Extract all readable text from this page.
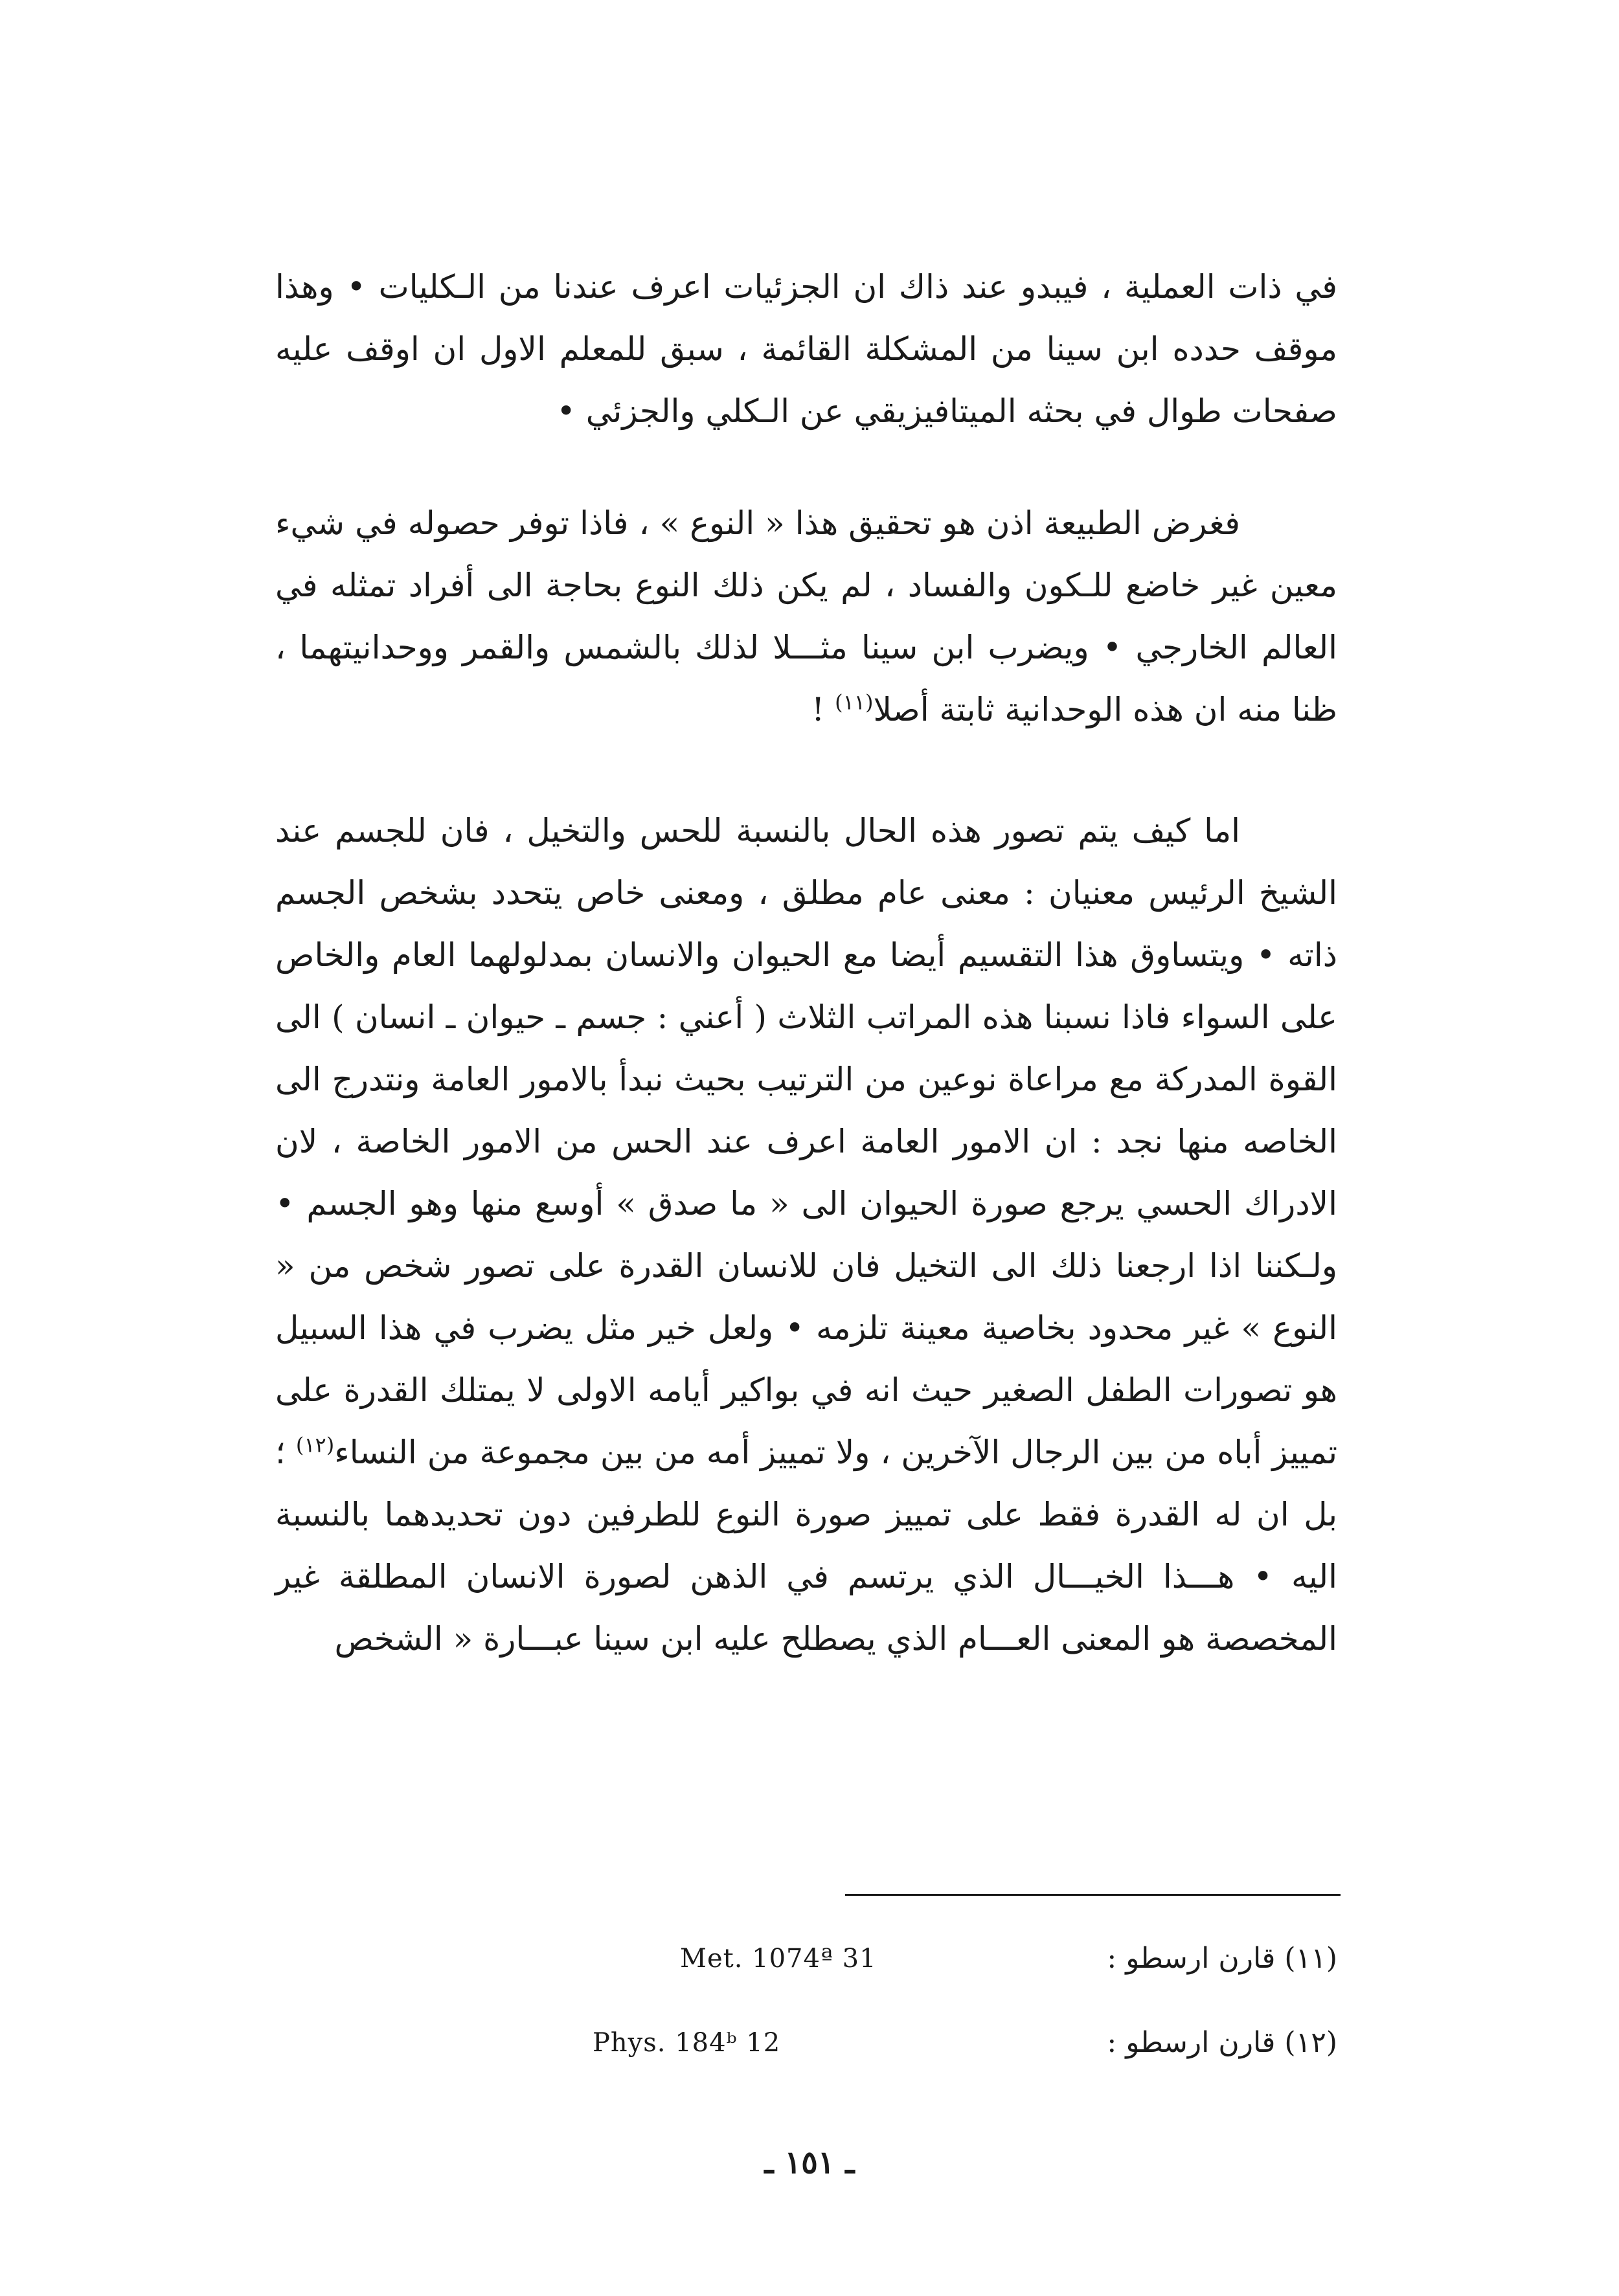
في ذات العملية ، فيبدو عند ذاك ان الجزئيات اعرف عندنا من الـكليات • وهذا موقف حدده ابن سينا من المشكلة القائمة ، سبق للمعلم الاول ان اوقف عليه صفحات طوال في بحثه الميتافيزيقي عن الـكلي والجزئي •

فغرض الطبيعة اذن هو تحقيق هذا « النوع » ، فاذا توفر حصوله في شيء معين غير خاضع للـكون والفساد ، لم يكن ذلك النوع بحاجة الى أفراد تمثله في العالم الخارجي • ويضرب ابن سينا مثـــلا لذلك بالشمس والقمر ووحدانيتهما ، ظنا منه ان هذه الوحدانية ثابتة أصلا$^{(١١)}$ !

اما كيف يتم تصور هذه الحال بالنسبة للحس والتخيل ، فان للجسم عند الشيخ الرئيس معنيان : معنى عام مطلق ، ومعنى خاص يتحدد بشخص الجسم ذاته • ويتساوق هذا التقسيم أيضا مع الحيوان والانسان بمدلولهما العام والخاص على السواء فاذا نسبنا هذه المراتب الثلاث ( أعني : جسم ـ حيوان ـ انسان ) الى القوة المدركة مع مراعاة نوعين من الترتيب بحيث نبدأ بالامور العامة ونتدرج الى الخاصه منها نجد : ان الامور العامة اعرف عند الحس من الامور الخاصة ، لان الادراك الحسي يرجع صورة الحيوان الى « ما صدق » أوسع منها وهو الجسم • ولـكننا اذا ارجعنا ذلك الى التخيل فان للانسان القدرة على تصور شخص من « النوع » غير محدود بخاصية معينة تلزمه • ولعل خير مثل يضرب في هذا السبيل هو تصورات الطفل الصغير حيث انه في بواكير أيامه الاولى لا يمتلك القدرة على تمييز أباه من بين الرجال الآخرين ، ولا تمييز أمه من بين مجموعة من النساء$^{(١٢)}$ ؛ بل ان له القدرة فقط على تمييز صورة النوع للطرفين دون تحديدهما بالنسبة اليه • هـــذا الخيـــال الذي يرتسم في الذهن لصورة الانسان المطلقة غير المخصصة هو المعنى العـــام الذي يصطلح عليه ابن سينا عبـــارة « الشخص

(١١) قارن ارسطو :
Met. 1074ª 31
(١٢) قارن ارسطو :
Phys. 184ᵇ 12
ـ ١٥١ ـ
